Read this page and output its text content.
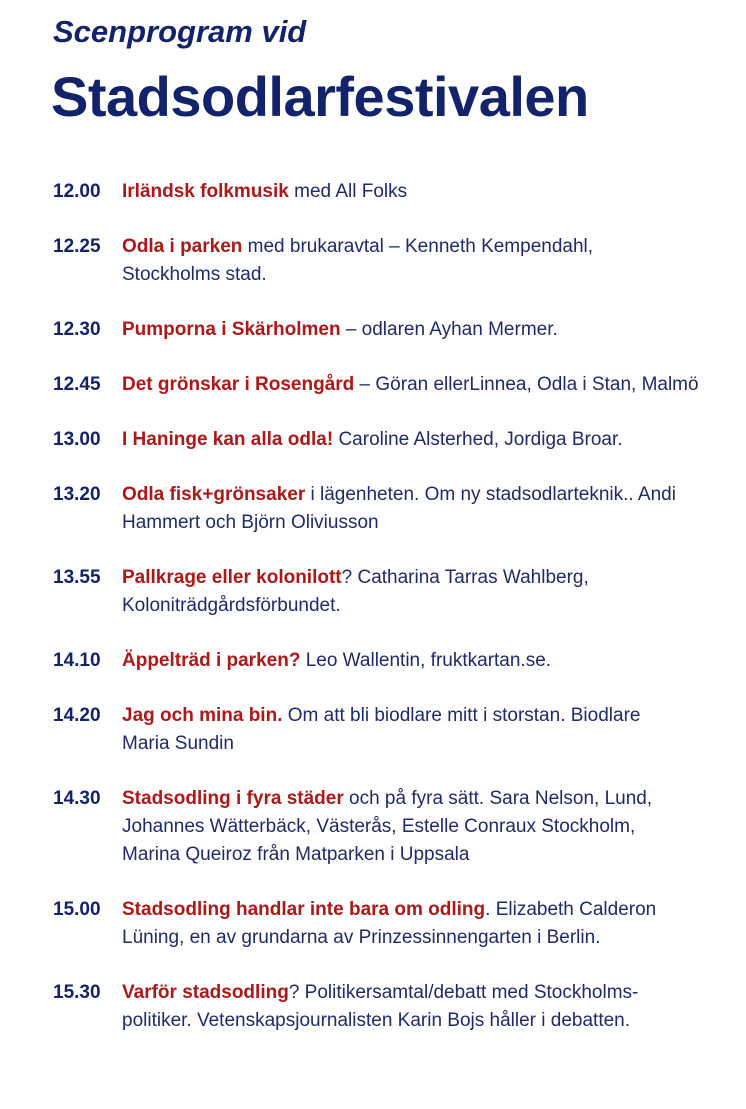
Scenprogram vid
Stadsodlarfestivalen
12.00	Irländsk folkmusik med All Folks
12.25	Odla i parken med brukaravtal – Kenneth Kempendahl,
Stockholms stad.
12.30	Pumporna i Skärholmen – odlaren Ayhan Mermer.
12.45	Det grönskar i Rosengård – Göran ellerLinnea, Odla i Stan, Malmö
13.00	I Haninge kan alla odla! Caroline Alsterhed, Jordiga Broar.
13.20	Odla fisk+grönsaker i lägenheten. Om ny stadsodlarteknik.. Andi
Hammert och Björn Oliviusson
13.55	Pallkrage eller kolonilott? Catharina Tarras Wahlberg,
Koloniträdgårdsförbundet.
14.10	Äppelträd i parken? Leo Wallentin, fruktkartan.se.
14.20	Jag och mina bin. Om att bli biodlare mitt i storstan. Biodlare
Maria Sundin
14.30	Stadsodling i fyra städer och på fyra sätt. Sara Nelson, Lund,
Johannes Wätterbäck, Västerås, Estelle Conraux Stockholm,
Marina Queiroz från Matparken i Uppsala
15.00	Stadsodling handlar inte bara om odling. Elizabeth Calderon
Lüning, en av grundarna av Prinzessinnengarten i Berlin.
15.30	Varför stadsodling? Politikersamtal/debatt med Stockholms-
politiker. Vetenskapsjournalisten Karin Bojs håller i debatten.
